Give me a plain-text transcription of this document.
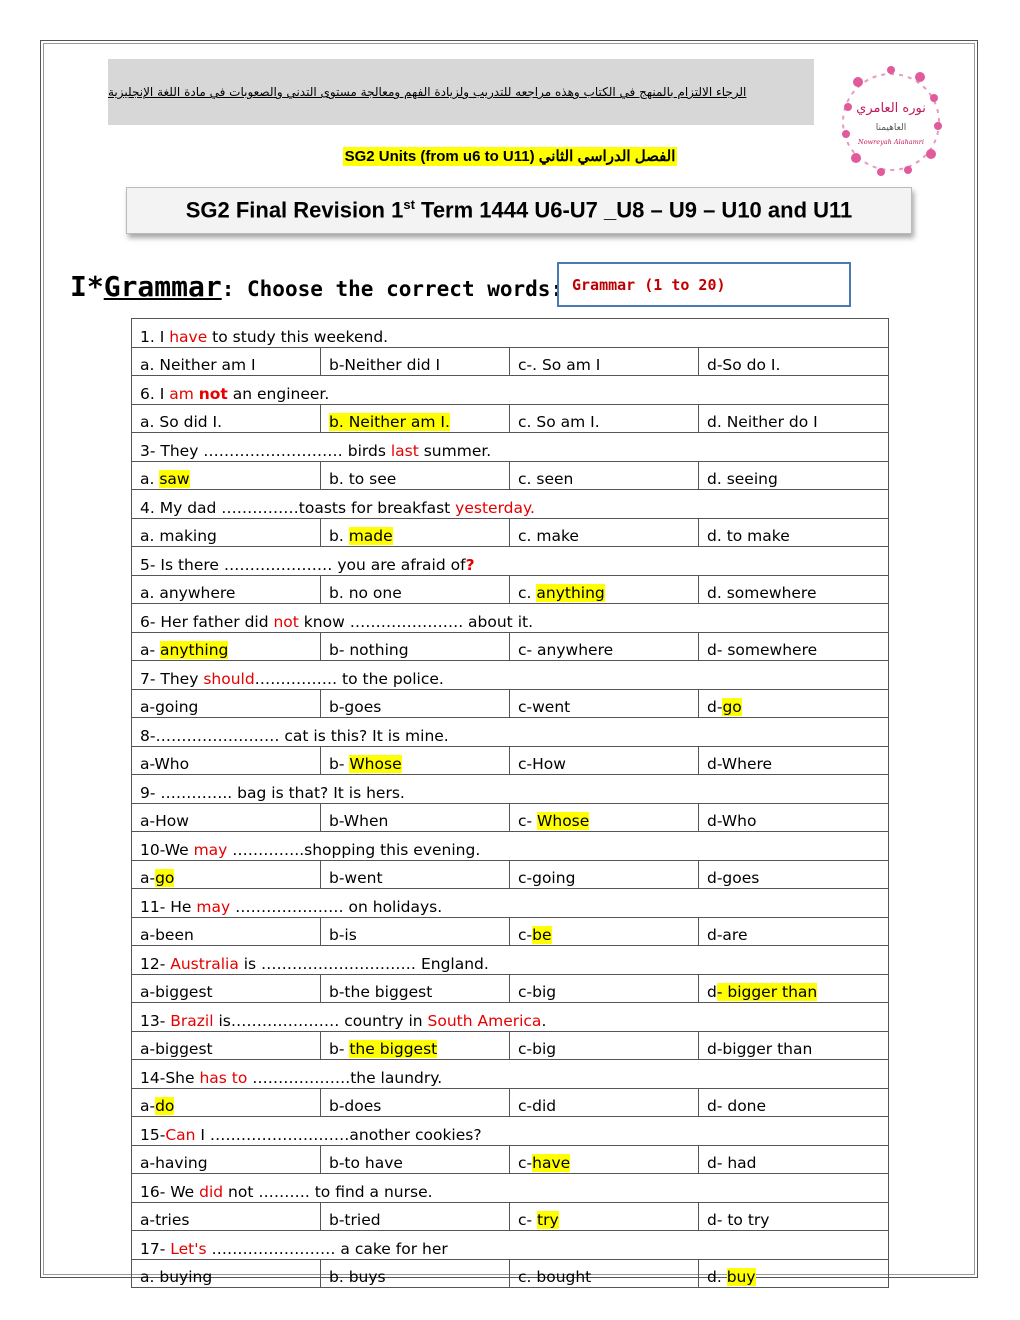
الرجاء الالتزام بالمنهج في الكتاب وهذه مراجعه للتدريب ولزيادة الفهم ومعالجة مستوى التدني والصعوبات في مادة اللغة الإنجليزية
نوره العامري
العاهيمنا
Nowreyah Alahamri
SG2 Units (from u6 to U11) الفصل الدراسي الثاني
SG2 Final Revision 1st Term 1444 U6-U7 _U8 – U9 – U10 and U11
I*Grammar: Choose the correct words: Grammar (1 to 20)
1. I have to study this weekend.			
a. Neither am I	b-Neither did I	c-. So am I	d-So do I.
6. I am not an engineer.			
a. So did I.	b. Neither am I.	c. So am I.	d. Neither do I
3- They ……………………… birds last summer.			
a. saw	b. to see	c. seen	d. seeing
4. My dad ……………toasts for breakfast yesterday.			
a. making	b. made	c. make	d. to make
5- Is there ………………… you are afraid of?			
a. anywhere	b. no one	c. anything	d. somewhere
6- Her father did not know …………………. about it.			
a- anything	b- nothing	c- anywhere	d- somewhere
7- They should……………. to the police.			
a-going	b-goes	c-went	d-go
8-…………………… cat is this? It is mine.			
a-Who	b- Whose	c-How	d-Where
9- ………….. bag is that? It is hers.			
a-How	b-When	c- Whose	d-Who
10-We may …………..shopping this evening.			
a-go	b-went	c-going	d-goes
11- He may ………………… on holidays.			
a-been	b-is	c-be	d-are
12- Australia is ………………………… England.			
a-biggest	b-the biggest	c-big	d- bigger than
13- Brazil is………………… country in South America.			
a-biggest	b- the biggest	c-big	d-bigger than
14-She has to ……………….the laundry.			
a-do	b-does	c-did	d- done
15-Can I ………………………another cookies?			
a-having	b-to have	c-have	d- had
16- We did not ………. to find a nurse.			
a-tries	b-tried	c- try	d- to try
17- Let's …………………… a cake for her			
a. buying	b. buys	c. bought	d. buy
